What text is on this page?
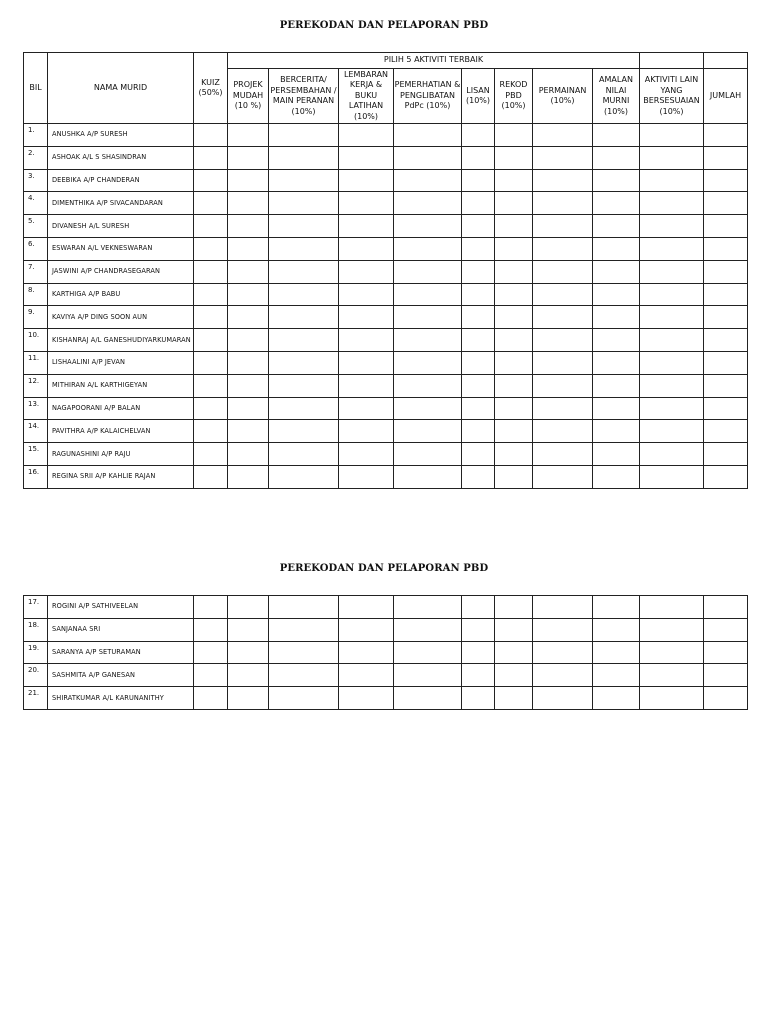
PEREKODAN DAN PELAPORAN PBD
BIL	NAMA MURID	KUIZ (50%)	PILIH 5 AKTIVITI TERBAIK									
			PROJEK MUDAH (10 %)	BERCERITA/ PERSEMBAHAN / MAIN PERANAN (10%)	LEMBARAN KERJA & BUKU LATIHAN (10%)	PEMERHATIAN & PENGLIBATAN PdPc (10%)	LISAN (10%)	REKOD PBD (10%)	PERMAINAN (10%)	AMALAN NILAI MURNI (10%)	AKTIVITI LAIN YANG BERSESUAIAN (10%)	JUMLAH
1.	ANUSHKA A/P SURESH											
2.	ASHOAK A/L S SHASINDRAN											
3.	DEEBIKA A/P CHANDERAN											
4.	DIMENTHIKA A/P SIVACANDARAN											
5.	DIVANESH A/L SURESH											
6.	ESWARAN A/L VEKNESWARAN											
7.	JASWINI A/P CHANDRASEGARAN											
8.	KARTHIGA A/P BABU											
9.	KAVIYA A/P DING SOON AUN											
10.	KISHANRAJ A/L GANESHUDIYARKUMARAN											
11.	LISHAALINI A/P JEVAN											
12.	MITHIRAN A/L KARTHIGEYAN											
13.	NAGAPOORANI A/P BALAN											
14.	PAVITHRA A/P KALAICHELVAN											
15.	RAGUNASHINI A/P RAJU											
16.	REGINA SRII A/P KAHLIE RAJAN											
PEREKODAN DAN PELAPORAN PBD
17.	ROGINI A/P SATHIVEELAN											
18.	SANJANAA SRI											
19.	SARANYA A/P SETURAMAN											
20.	SASHMITA A/P GANESAN											
21.	SHIRATKUMAR A/L KARUNANITHY											
